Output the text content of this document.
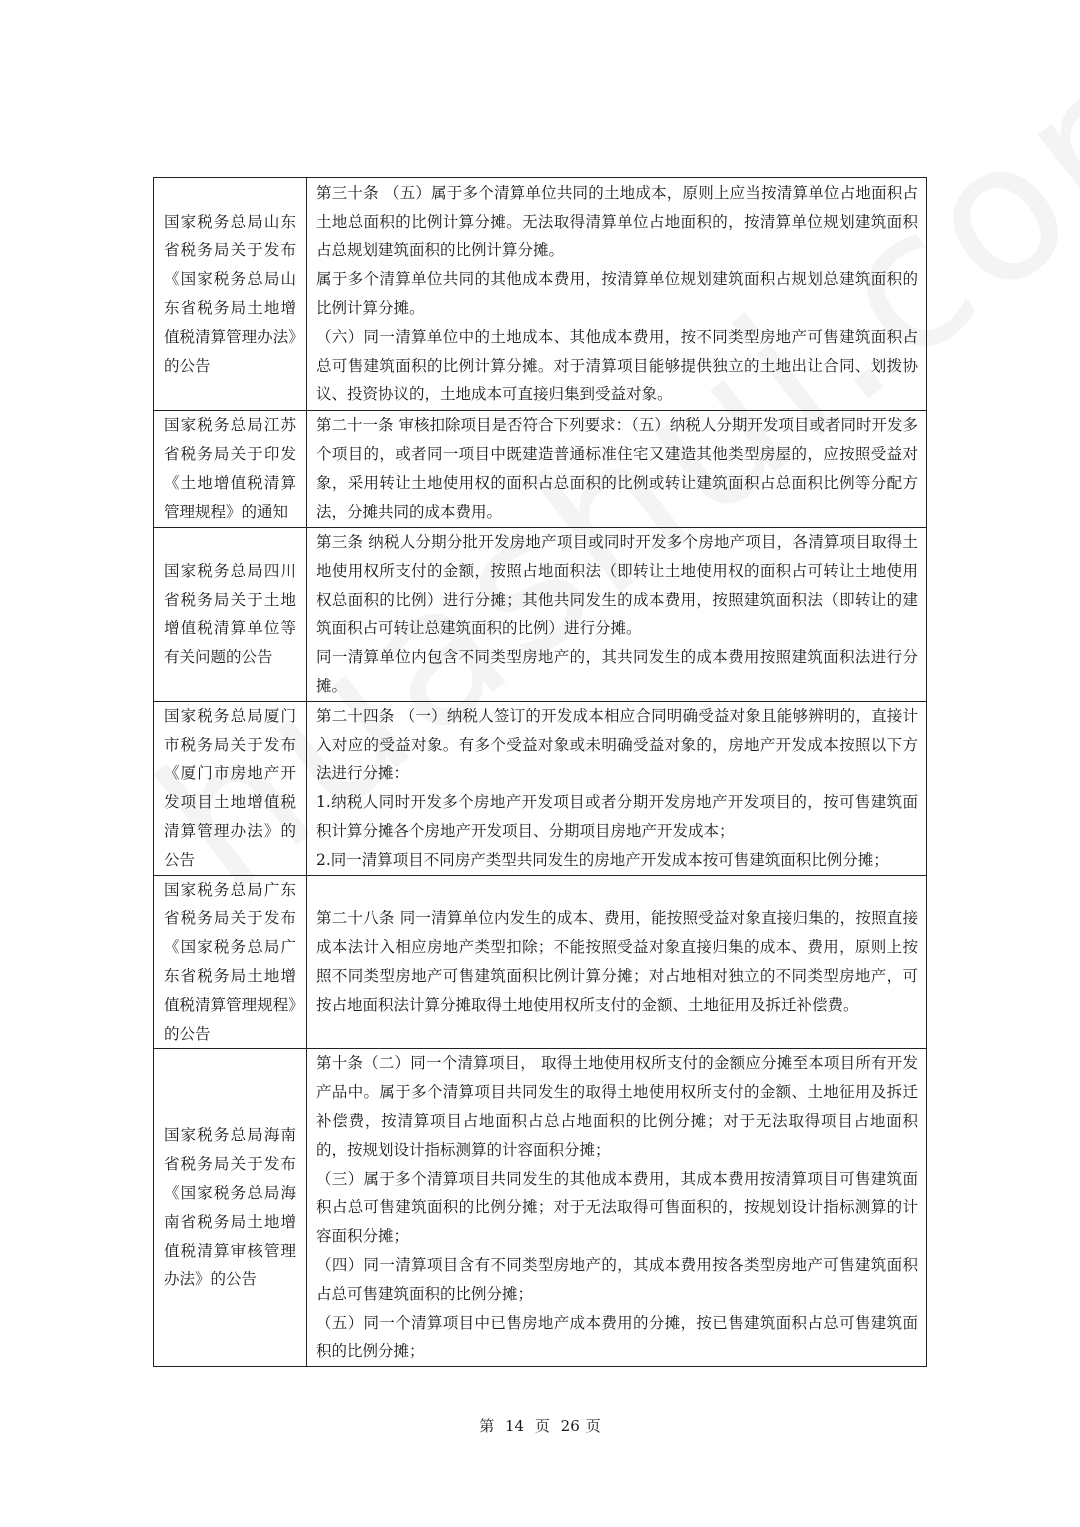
国家税务总局山东省税务局关于发布《国家税务总局山东省税务局土地增值税清算管理办法》的公告	第三十条 （五）属于多个清算单位共同的土地成本，原则上应当按清算单位占地面积占土地总面积的比例计算分摊。无法取得清算单位占地面积的，按清算单位规划建筑面积占总规划建筑面积的比例计算分摊。

属于多个清算单位共同的其他成本费用，按清算单位规划建筑面积占规划总建筑面积的比例计算分摊。

（六）同一清算单位中的土地成本、其他成本费用，按不同类型房地产可售建筑面积占总可售建筑面积的比例计算分摊。对于清算项目能够提供独立的土地出让合同、划拨协议、投资协议的，土地成本可直接归集到受益对象。

国家税务总局江苏省税务局关于印发《土地增值税清算管理规程》的通知	第二十一条 审核扣除项目是否符合下列要求：（五）纳税人分期开发项目或者同时开发多个项目的，或者同一项目中既建造普通标准住宅又建造其他类型房屋的，应按照受益对象，采用转让土地使用权的面积占总面积的比例或转让建筑面积占总面积比例等分配方法，分摊共同的成本费用。

国家税务总局四川省税务局关于土地增值税清算单位等有关问题的公告	第三条 纳税人分期分批开发房地产项目或同时开发多个房地产项目，各清算项目取得土地使用权所支付的金额，按照占地面积法（即转让土地使用权的面积占可转让土地使用权总面积的比例）进行分摊；其他共同发生的成本费用，按照建筑面积法（即转让的建筑面积占可转让总建筑面积的比例）进行分摊。

同一清算单位内包含不同类型房地产的，其共同发生的成本费用按照建筑面积法进行分摊。

国家税务总局厦门市税务局关于发布《厦门市房地产开发项目土地增值税清算管理办法》的公告	第二十四条 （一）纳税人签订的开发成本相应合同明确受益对象且能够辨明的，直接计入对应的受益对象。有多个受益对象或未明确受益对象的，房地产开发成本按照以下方法进行分摊：

1.纳税人同时开发多个房地产开发项目或者分期开发房地产开发项目的，按可售建筑面积计算分摊各个房地产开发项目、分期项目房地产开发成本；

2.同一清算项目不同房产类型共同发生的房地产开发成本按可售建筑面积比例分摊；

国家税务总局广东省税务局关于发布《国家税务总局广东省税务局土地增值税清算管理规程》的公告	第二十八条 同一清算单位内发生的成本、费用，能按照受益对象直接归集的，按照直接成本法计入相应房地产类型扣除；不能按照受益对象直接归集的成本、费用，原则上按照不同类型房地产可售建筑面积比例计算分摊；对占地相对独立的不同类型房地产，可按占地面积法计算分摊取得土地使用权所支付的金额、土地征用及拆迁补偿费。

国家税务总局海南省税务局关于发布《国家税务总局海南省税务局土地增值税清算审核管理办法》的公告	第十条（二）同一个清算项目， 取得土地使用权所支付的金额应分摊至本项目所有开发产品中。属于多个清算项目共同发生的取得土地使用权所支付的金额、土地征用及拆迁补偿费，按清算项目占地面积占总占地面积的比例分摊；对于无法取得项目占地面积的，按规划设计指标测算的计容面积分摊；

（三）属于多个清算项目共同发生的其他成本费用，其成本费用按清算项目可售建筑面积占总可售建筑面积的比例分摊；对于无法取得可售面积的，按规划设计指标测算的计容面积分摊；

（四）同一清算项目含有不同类型房地产的，其成本费用按各类型房地产可售建筑面积占总可售建筑面积的比例分摊；

（五）同一个清算项目中已售房地产成本费用的分摊，按已售建筑面积占总可售建筑面积的比例分摊；

第 14 页 26 页
